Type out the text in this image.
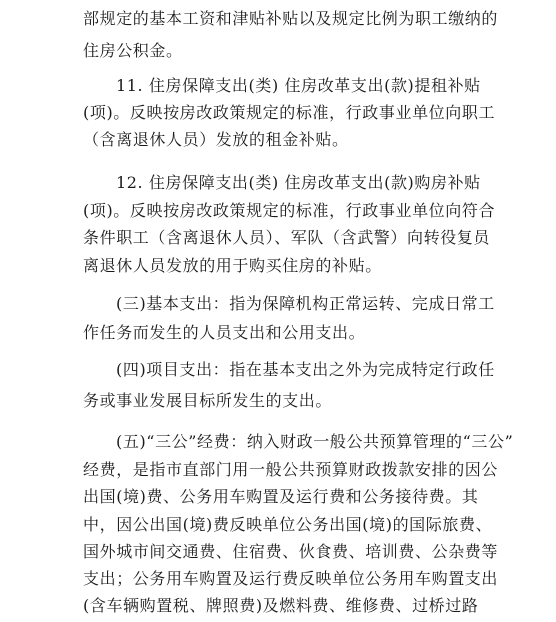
部规定的基本工资和津贴补贴以及规定比例为职工缴纳的
住房公积金。
11. 住房保障支出(类) 住房改革支出(款)提租补贴
(项)。反映按房改政策规定的标准，行政事业单位向职工
（含离退休人员）发放的租金补贴。
12. 住房保障支出(类) 住房改革支出(款)购房补贴
(项)。反映按房改政策规定的标准，行政事业单位向符合
条件职工（含离退休人员）、军队（含武警）向转役复员
离退休人员发放的用于购买住房的补贴。
(三)基本支出：指为保障机构正常运转、完成日常工
作任务而发生的人员支出和公用支出。
(四)项目支出：指在基本支出之外为完成特定行政任
务或事业发展目标所发生的支出。
(五)“三公”经费：纳入财政一般公共预算管理的“三公”
经费，是指市直部门用一般公共预算财政拨款安排的因公
出国(境)费、公务用车购置及运行费和公务接待费。其
中，因公出国(境)费反映单位公务出国(境)的国际旅费、
国外城市间交通费、住宿费、伙食费、培训费、公杂费等
支出；公务用车购置及运行费反映单位公务用车购置支出
(含车辆购置税、牌照费)及燃料费、维修费、过桥过路
